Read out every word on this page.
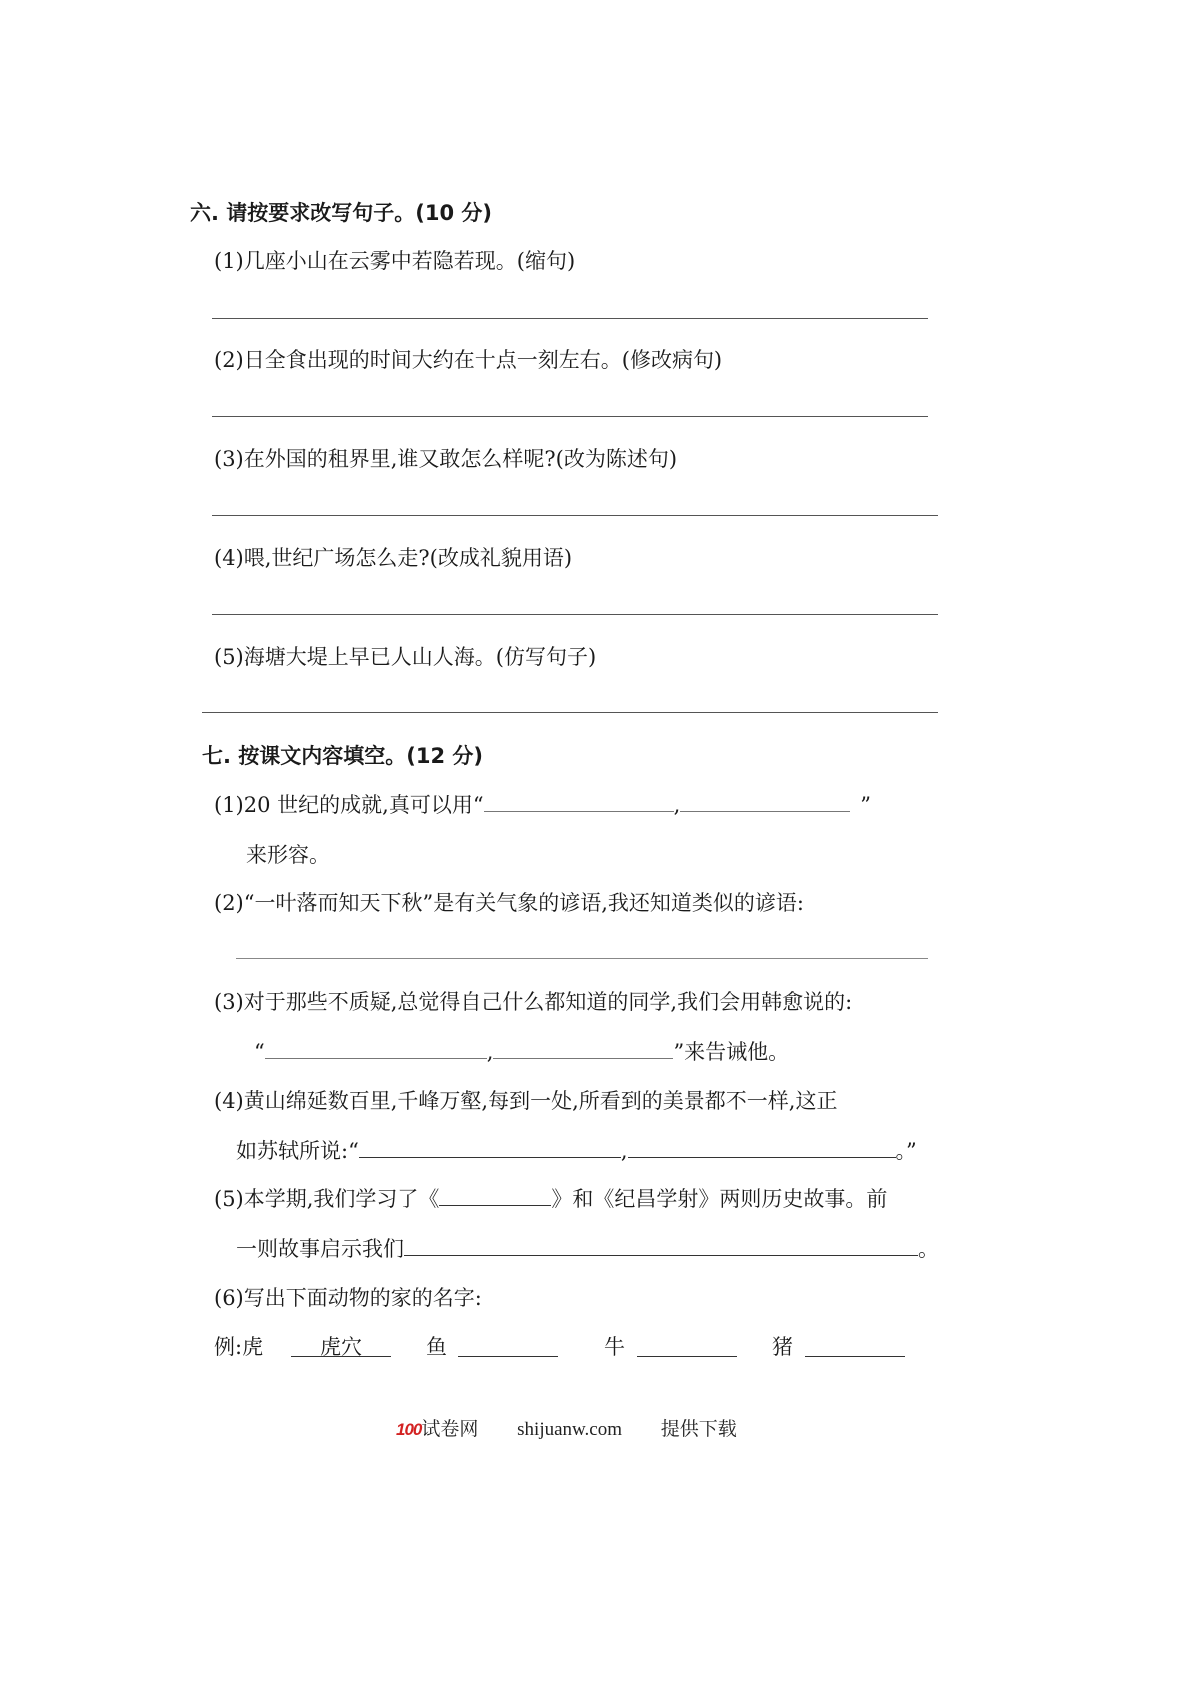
六. 请按要求改写句子。(10 分)
(1)几座小山在云雾中若隐若现。(缩句)
(2)日全食出现的时间大约在十点一刻左右。(修改病句)
(3)在外国的租界里,谁又敢怎么样呢?(改为陈述句)
(4)喂,世纪广场怎么走?(改成礼貌用语)
(5)海塘大堤上早已人山人海。(仿写句子)
七. 按课文内容填空。(12 分)
(1)20 世纪的成就,真可以用“	,	”
来形容。
(2)“一叶落而知天下秋”是有关气象的谚语,我还知道类似的谚语:
(3)对于那些不质疑,总觉得自己什么都知道的同学,我们会用韩愈说的:
“	,	”来告诫他。
(4)黄山绵延数百里,千峰万壑,每到一处,所看到的美景都不一样,这正
如苏轼所说:“	,	。”
(5)本学期,我们学习了《	》和《纪昌学射》两则历史故事。前
一则故事启示我们	。
(6)写出下面动物的家的名字:
例:虎	虎穴	鱼	牛	猪
100试卷网 shijuanw.com 提供下载
